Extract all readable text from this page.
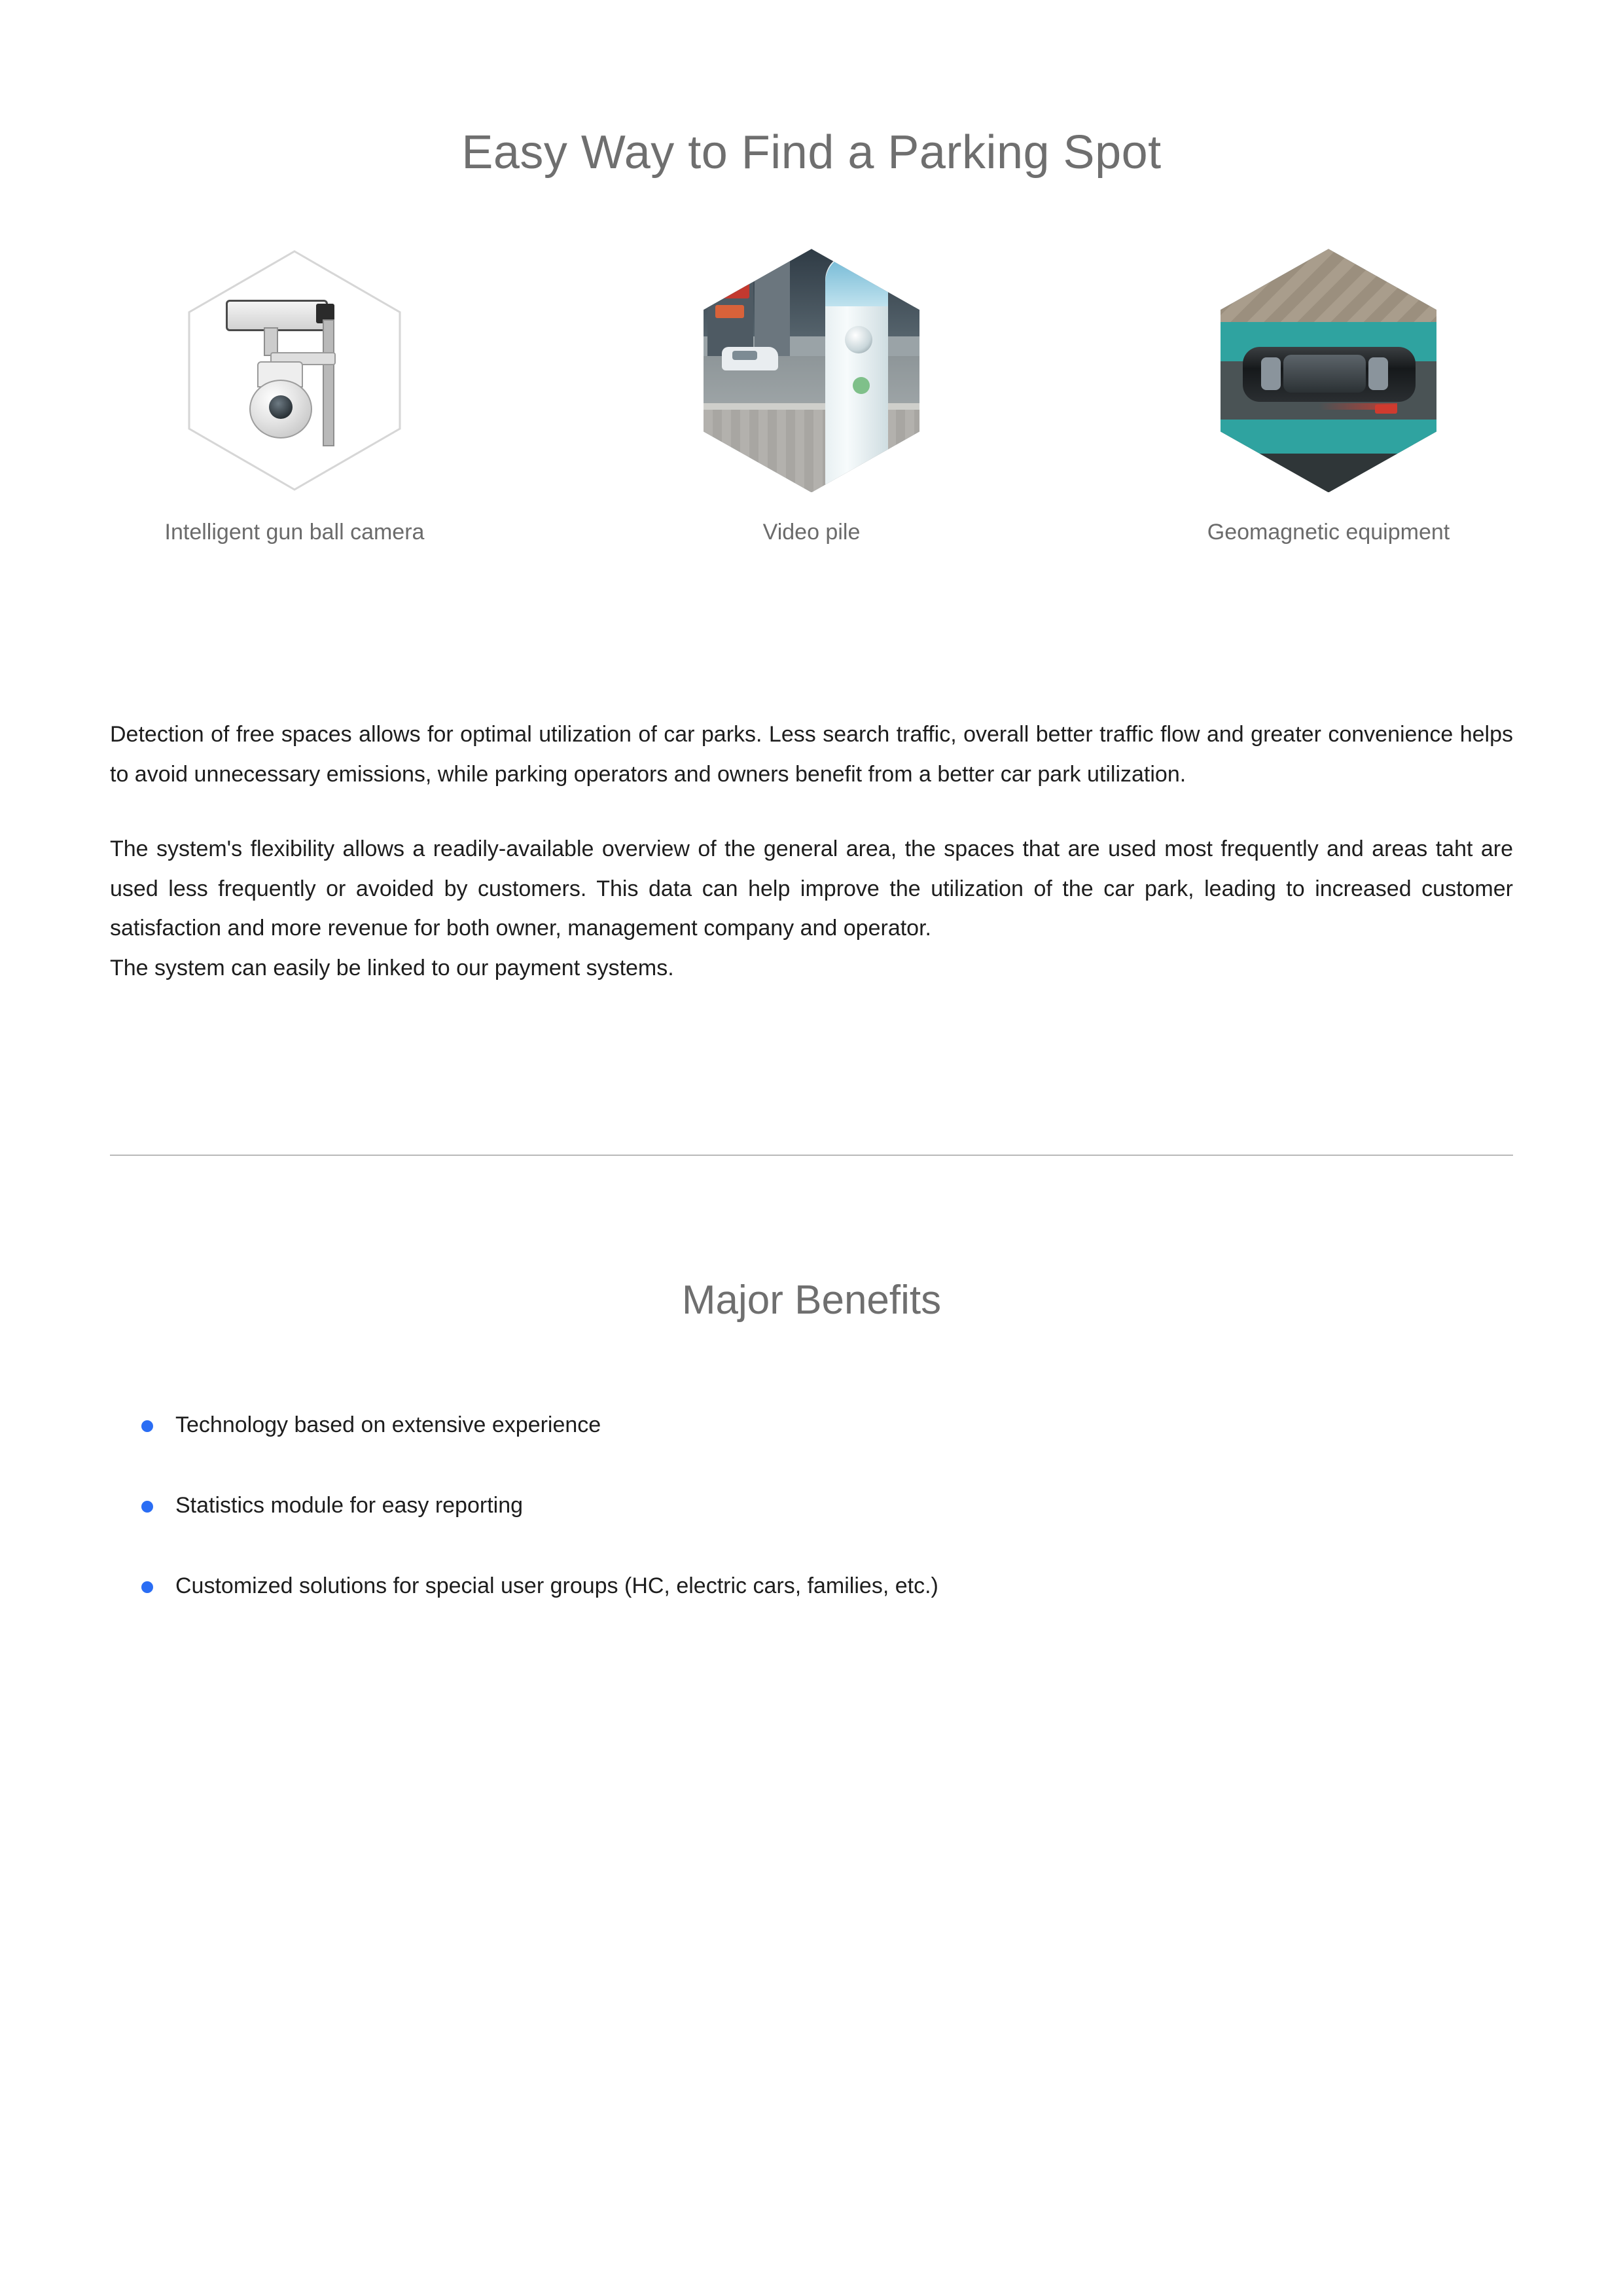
Easy Way to Find a Parking Spot
Intelligent gun ball camera	Video pile	Geomagnetic equipment

Detection of free spaces allows for optimal utilization of car parks. Less search traffic, overall better traffic flow and greater convenience helps to avoid unnecessary emissions, while parking operators and owners benefit from a better car park utilization.

The system's flexibility allows a readily-available overview of the general area, the spaces that are used most frequently and areas taht are used less frequently or avoided by customers. This data can help improve the utilization of the car park, leading to increased customer satisfaction and more revenue for both owner, management company and operator.

The system can easily be linked to our payment systems.

Major Benefits
Technology based on extensive experience
Statistics module for easy reporting
Customized solutions for special user groups (HC, electric cars, families, etc.)
